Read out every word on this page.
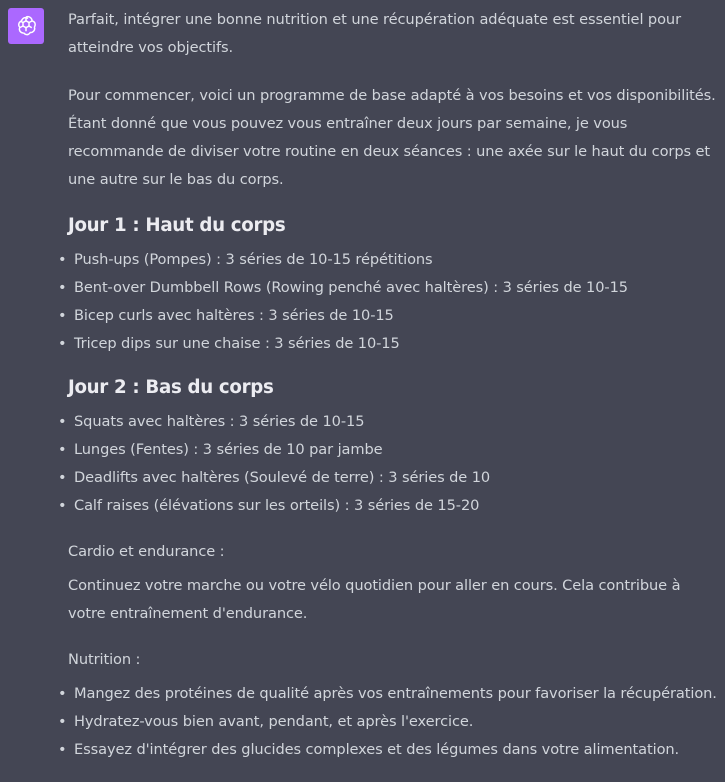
Parfait, intégrer une bonne nutrition et une récupération adéquate est essentiel pour atteindre vos objectifs.

Pour commencer, voici un programme de base adapté à vos besoins et vos disponibilités. Étant donné que vous pouvez vous entraîner deux jours par semaine, je vous recommande de diviser votre routine en deux séances : une axée sur le haut du corps et une autre sur le bas du corps.

Jour 1 : Haut du corps
• Push-ups (Pompes) : 3 séries de 10-15 répétitions
• Bent-over Dumbbell Rows (Rowing penché avec haltères) : 3 séries de 10-15
• Bicep curls avec haltères : 3 séries de 10-15
• Tricep dips sur une chaise : 3 séries de 10-15
Jour 2 : Bas du corps
• Squats avec haltères : 3 séries de 10-15
• Lunges (Fentes) : 3 séries de 10 par jambe
• Deadlifts avec haltères (Soulevé de terre) : 3 séries de 10
• Calf raises (élévations sur les orteils) : 3 séries de 15-20

Cardio et endurance :

Continuez votre marche ou votre vélo quotidien pour aller en cours. Cela contribue à votre entraînement d'endurance.

Nutrition :

• Mangez des protéines de qualité après vos entraînements pour favoriser la récupération.
• Hydratez-vous bien avant, pendant, et après l'exercice.
• Essayez d'intégrer des glucides complexes et des légumes dans votre alimentation.
